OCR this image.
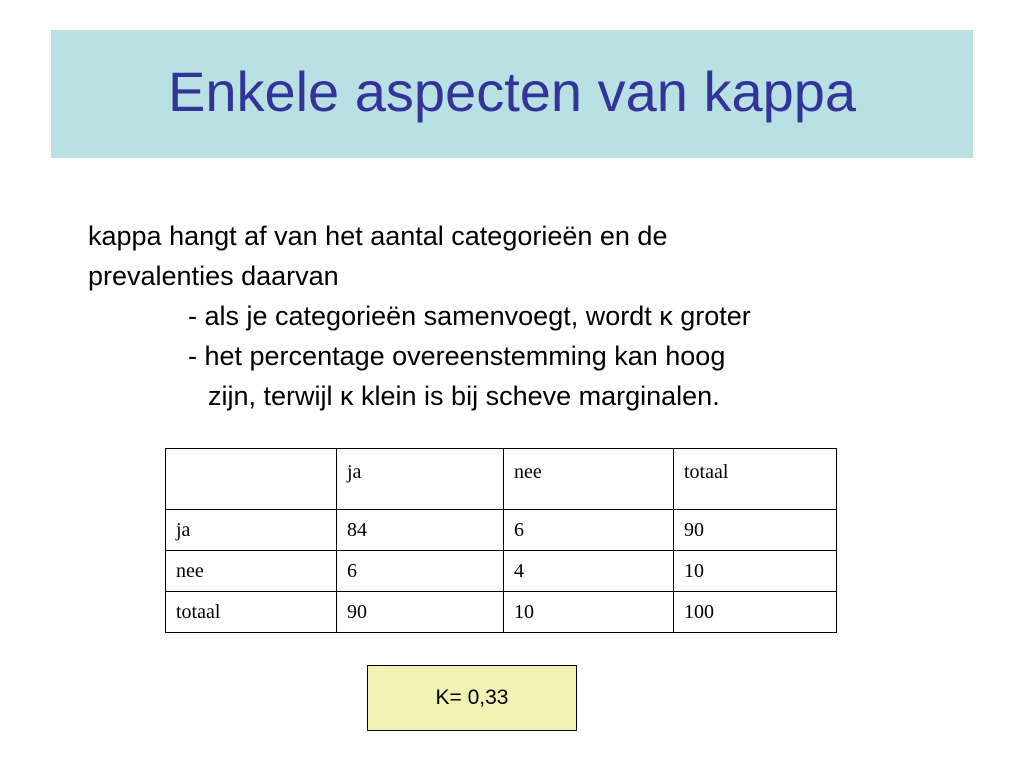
Enkele aspecten van kappa
kappa hangt af van het aantal categorieën en de
prevalenties daarvan
- als je categorieën samenvoegt, wordt κ groter
- het percentage overeenstemming kan hoog
zijn, terwijl κ klein is bij scheve marginalen.
	ja	nee	totaal
ja	84	6	90
nee	6	4	10
totaal	90	10	100
K= 0,33
